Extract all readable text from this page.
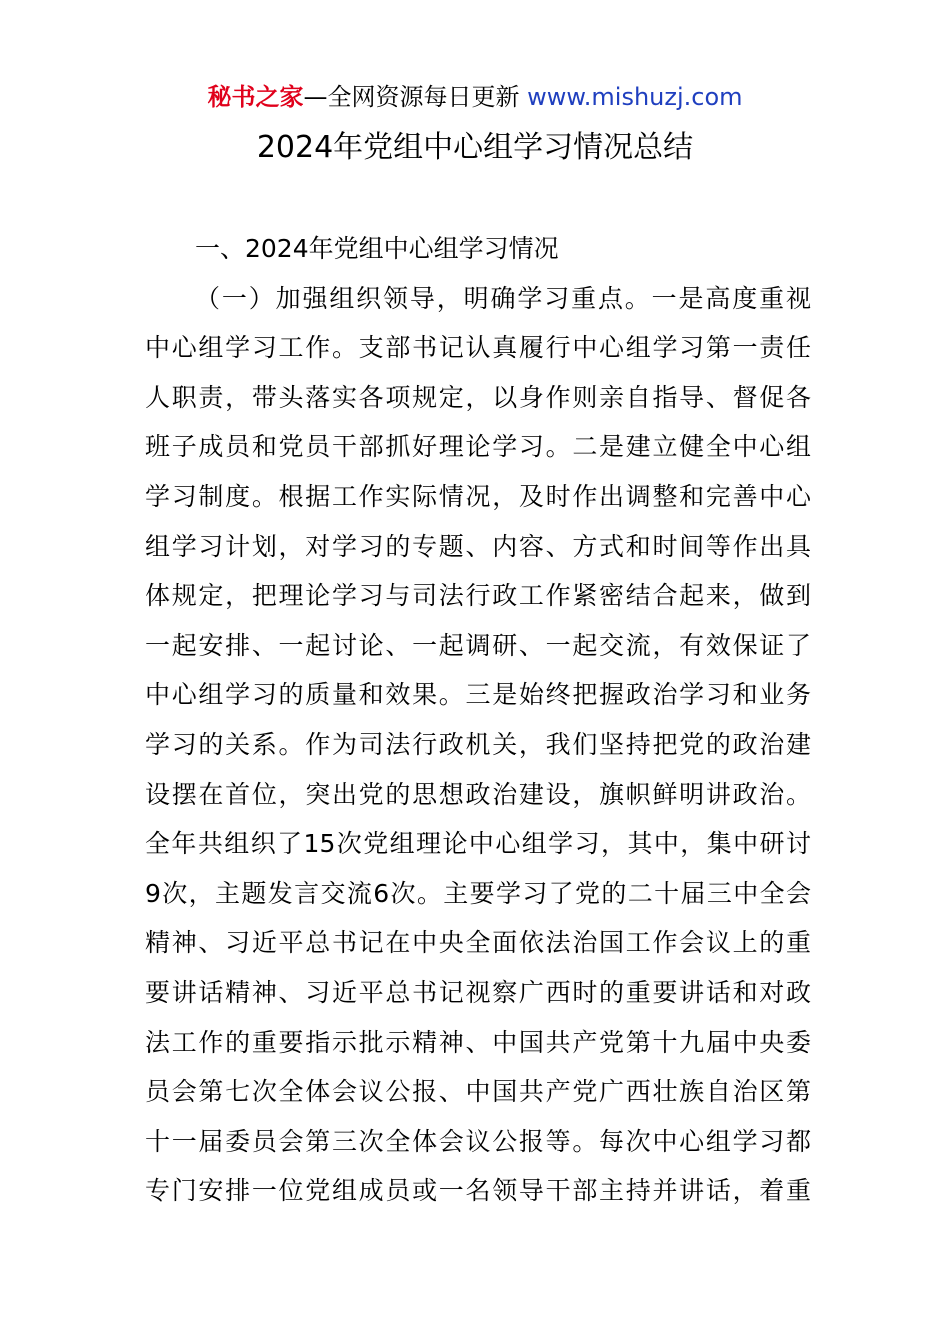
秘书之家—全网资源每日更新 www.mishuzj.com
2024年党组中心组学习情况总结
一、2024年党组中心组学习情况
（一）加强组织领导，明确学习重点。一是高度重视
中心组学习工作。支部书记认真履行中心组学习第一责任
人职责，带头落实各项规定，以身作则亲自指导、督促各
班子成员和党员干部抓好理论学习。二是建立健全中心组
学习制度。根据工作实际情况，及时作出调整和完善中心
组学习计划，对学习的专题、内容、方式和时间等作出具
体规定，把理论学习与司法行政工作紧密结合起来，做到
一起安排、一起讨论、一起调研、一起交流，有效保证了
中心组学习的质量和效果。三是始终把握政治学习和业务
学习的关系。作为司法行政机关，我们坚持把党的政治建
设摆在首位，突出党的思想政治建设，旗帜鲜明讲政治。
全年共组织了15次党组理论中心组学习，其中，集中研讨
9次，主题发言交流6次。主要学习了党的二十届三中全会
精神、习近平总书记在中央全面依法治国工作会议上的重
要讲话精神、习近平总书记视察广西时的重要讲话和对政
法工作的重要指示批示精神、中国共产党第十九届中央委
员会第七次全体会议公报、中国共产党广西壮族自治区第
十一届委员会第三次全体会议公报等。每次中心组学习都
专门安排一位党组成员或一名领导干部主持并讲话，着重
